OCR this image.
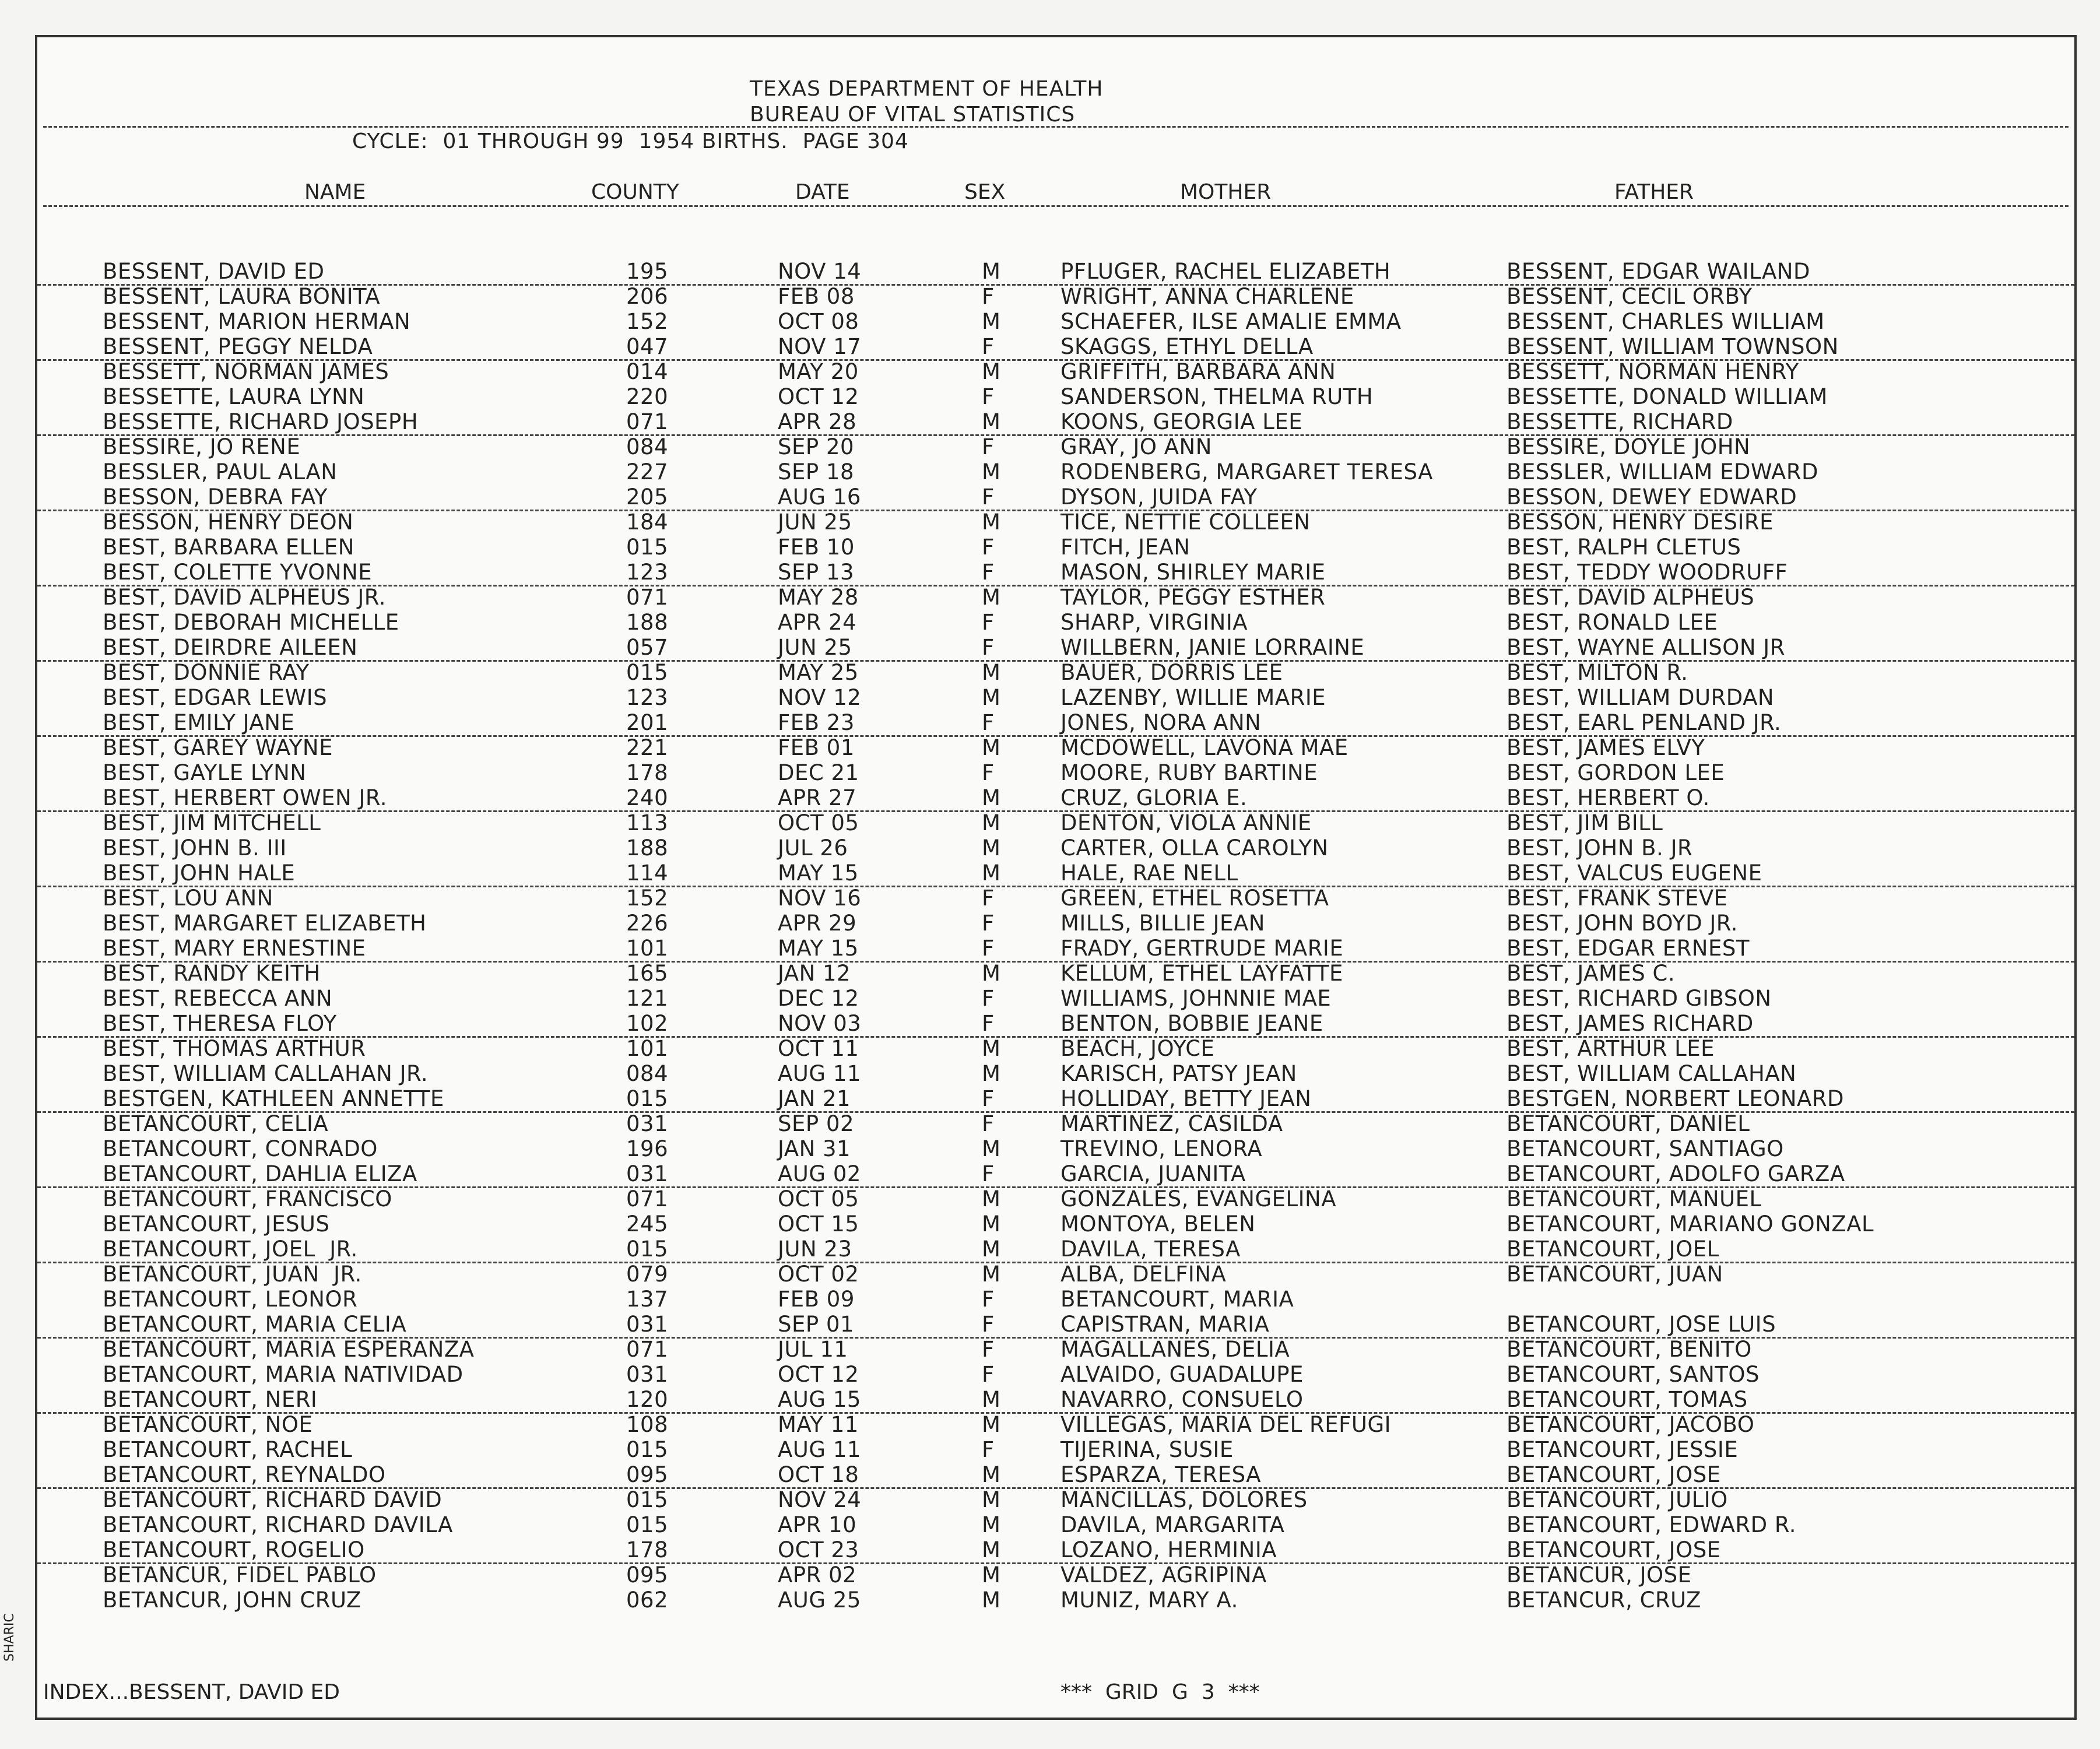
TEXAS DEPARTMENT OF HEALTH
BUREAU OF VITAL STATISTICS
CYCLE:  01 THROUGH 99  1954 BIRTHS.  PAGE 304
NAME	COUNTY	DATE	SEX	MOTHER	FATHER
BESSENT, DAVID ED	195	NOV 14	M	PFLUGER, RACHEL ELIZABETH	BESSENT, EDGAR WAILAND
BESSENT, LAURA BONITA	206	FEB 08	F	WRIGHT, ANNA CHARLENE	BESSENT, CECIL ORBY
BESSENT, MARION HERMAN	152	OCT 08	M	SCHAEFER, ILSE AMALIE EMMA	BESSENT, CHARLES WILLIAM
BESSENT, PEGGY NELDA	047	NOV 17	F	SKAGGS, ETHYL DELLA	BESSENT, WILLIAM TOWNSON
BESSETT, NORMAN JAMES	014	MAY 20	M	GRIFFITH, BARBARA ANN	BESSETT, NORMAN HENRY
BESSETTE, LAURA LYNN	220	OCT 12	F	SANDERSON, THELMA RUTH	BESSETTE, DONALD WILLIAM
BESSETTE, RICHARD JOSEPH	071	APR 28	M	KOONS, GEORGIA LEE	BESSETTE, RICHARD
BESSIRE, JO RENE	084	SEP 20	F	GRAY, JO ANN	BESSIRE, DOYLE JOHN
BESSLER, PAUL ALAN	227	SEP 18	M	RODENBERG, MARGARET TERESA	BESSLER, WILLIAM EDWARD
BESSON, DEBRA FAY	205	AUG 16	F	DYSON, JUIDA FAY	BESSON, DEWEY EDWARD
BESSON, HENRY DEON	184	JUN 25	M	TICE, NETTIE COLLEEN	BESSON, HENRY DESIRE
BEST, BARBARA ELLEN	015	FEB 10	F	FITCH, JEAN	BEST, RALPH CLETUS
BEST, COLETTE YVONNE	123	SEP 13	F	MASON, SHIRLEY MARIE	BEST, TEDDY WOODRUFF
BEST, DAVID ALPHEUS JR.	071	MAY 28	M	TAYLOR, PEGGY ESTHER	BEST, DAVID ALPHEUS
BEST, DEBORAH MICHELLE	188	APR 24	F	SHARP, VIRGINIA	BEST, RONALD LEE
BEST, DEIRDRE AILEEN	057	JUN 25	F	WILLBERN, JANIE LORRAINE	BEST, WAYNE ALLISON JR
BEST, DONNIE RAY	015	MAY 25	M	BAUER, DORRIS LEE	BEST, MILTON R.
BEST, EDGAR LEWIS	123	NOV 12	M	LAZENBY, WILLIE MARIE	BEST, WILLIAM DURDAN
BEST, EMILY JANE	201	FEB 23	F	JONES, NORA ANN	BEST, EARL PENLAND JR.
BEST, GAREY WAYNE	221	FEB 01	M	MCDOWELL, LAVONA MAE	BEST, JAMES ELVY
BEST, GAYLE LYNN	178	DEC 21	F	MOORE, RUBY BARTINE	BEST, GORDON LEE
BEST, HERBERT OWEN JR.	240	APR 27	M	CRUZ, GLORIA E.	BEST, HERBERT O.
BEST, JIM MITCHELL	113	OCT 05	M	DENTON, VIOLA ANNIE	BEST, JIM BILL
BEST, JOHN B. III	188	JUL 26	M	CARTER, OLLA CAROLYN	BEST, JOHN B. JR
BEST, JOHN HALE	114	MAY 15	M	HALE, RAE NELL	BEST, VALCUS EUGENE
BEST, LOU ANN	152	NOV 16	F	GREEN, ETHEL ROSETTA	BEST, FRANK STEVE
BEST, MARGARET ELIZABETH	226	APR 29	F	MILLS, BILLIE JEAN	BEST, JOHN BOYD JR.
BEST, MARY ERNESTINE	101	MAY 15	F	FRADY, GERTRUDE MARIE	BEST, EDGAR ERNEST
BEST, RANDY KEITH	165	JAN 12	M	KELLUM, ETHEL LAYFATTE	BEST, JAMES C.
BEST, REBECCA ANN	121	DEC 12	F	WILLIAMS, JOHNNIE MAE	BEST, RICHARD GIBSON
BEST, THERESA FLOY	102	NOV 03	F	BENTON, BOBBIE JEANE	BEST, JAMES RICHARD
BEST, THOMAS ARTHUR	101	OCT 11	M	BEACH, JOYCE	BEST, ARTHUR LEE
BEST, WILLIAM CALLAHAN JR.	084	AUG 11	M	KARISCH, PATSY JEAN	BEST, WILLIAM CALLAHAN
BESTGEN, KATHLEEN ANNETTE	015	JAN 21	F	HOLLIDAY, BETTY JEAN	BESTGEN, NORBERT LEONARD
BETANCOURT, CELIA	031	SEP 02	F	MARTINEZ, CASILDA	BETANCOURT, DANIEL
BETANCOURT, CONRADO	196	JAN 31	M	TREVINO, LENORA	BETANCOURT, SANTIAGO
BETANCOURT, DAHLIA ELIZA	031	AUG 02	F	GARCIA, JUANITA	BETANCOURT, ADOLFO GARZA
BETANCOURT, FRANCISCO	071	OCT 05	M	GONZALES, EVANGELINA	BETANCOURT, MANUEL
BETANCOURT, JESUS	245	OCT 15	M	MONTOYA, BELEN	BETANCOURT, MARIANO GONZAL
BETANCOURT, JOEL  JR.	015	JUN 23	M	DAVILA, TERESA	BETANCOURT, JOEL
BETANCOURT, JUAN  JR.	079	OCT 02	M	ALBA, DELFINA	BETANCOURT, JUAN
BETANCOURT, LEONOR	137	FEB 09	F	BETANCOURT, MARIA
BETANCOURT, MARIA CELIA	031	SEP 01	F	CAPISTRAN, MARIA	BETANCOURT, JOSE LUIS
BETANCOURT, MARIA ESPERANZA	071	JUL 11	F	MAGALLANES, DELIA	BETANCOURT, BENITO
BETANCOURT, MARIA NATIVIDAD	031	OCT 12	F	ALVAIDO, GUADALUPE	BETANCOURT, SANTOS
BETANCOURT, NERI	120	AUG 15	M	NAVARRO, CONSUELO	BETANCOURT, TOMAS
BETANCOURT, NOE	108	MAY 11	M	VILLEGAS, MARIA DEL REFUGI	BETANCOURT, JACOBO
BETANCOURT, RACHEL	015	AUG 11	F	TIJERINA, SUSIE	BETANCOURT, JESSIE
BETANCOURT, REYNALDO	095	OCT 18	M	ESPARZA, TERESA	BETANCOURT, JOSE
BETANCOURT, RICHARD DAVID	015	NOV 24	M	MANCILLAS, DOLORES	BETANCOURT, JULIO
BETANCOURT, RICHARD DAVILA	015	APR 10	M	DAVILA, MARGARITA	BETANCOURT, EDWARD R.
BETANCOURT, ROGELIO	178	OCT 23	M	LOZANO, HERMINIA	BETANCOURT, JOSE
BETANCUR, FIDEL PABLO	095	APR 02	M	VALDEZ, AGRIPINA	BETANCUR, JOSE
BETANCUR, JOHN CRUZ	062	AUG 25	M	MUNIZ, MARY A.	BETANCUR, CRUZ
INDEX...BESSENT, DAVID ED	***  GRID  G  3  ***
SHARIC
